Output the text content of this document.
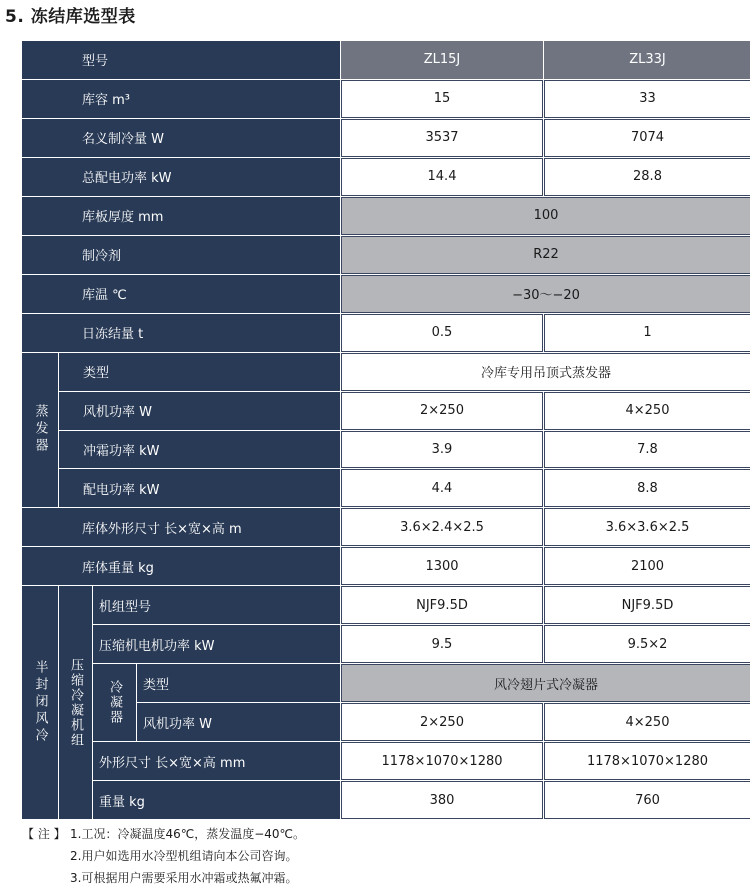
5. 冻结库选型表
型号	ZL15J	ZL33J
库容 m³	15	33
名义制冷量 W	3537	7074
总配电功率 kW	14.4	28.8
库板厚度 mm	100
制冷剂	R22
库温 ℃	−30～−20
日冻结量 t	0.5	1
蒸发器
类型	冷库专用吊顶式蒸发器
风机功率 W	2×250	4×250
冲霜功率 kW	3.9	7.8
配电功率 kW	4.4	8.8
库体外形尺寸 长×宽×高 m	3.6×2.4×2.5	3.6×3.6×2.5
库体重量 kg	1300	2100
半封闭风冷	压缩冷凝机组
机组型号	NJF9.5D	NJF9.5D
压缩机电机功率 kW	9.5	9.5×2
冷凝器	类型	风冷翅片式冷凝器
风机功率 W	2×250	4×250
外形尺寸 长×宽×高 mm	1178×1070×1280	1178×1070×1280
重量 kg	380	760
【 注 】 1.工况：冷凝温度46℃，蒸发温度−40℃。
2.用户如选用水冷型机组请向本公司咨询。
3.可根据用户需要采用水冲霜或热氟冲霜。
